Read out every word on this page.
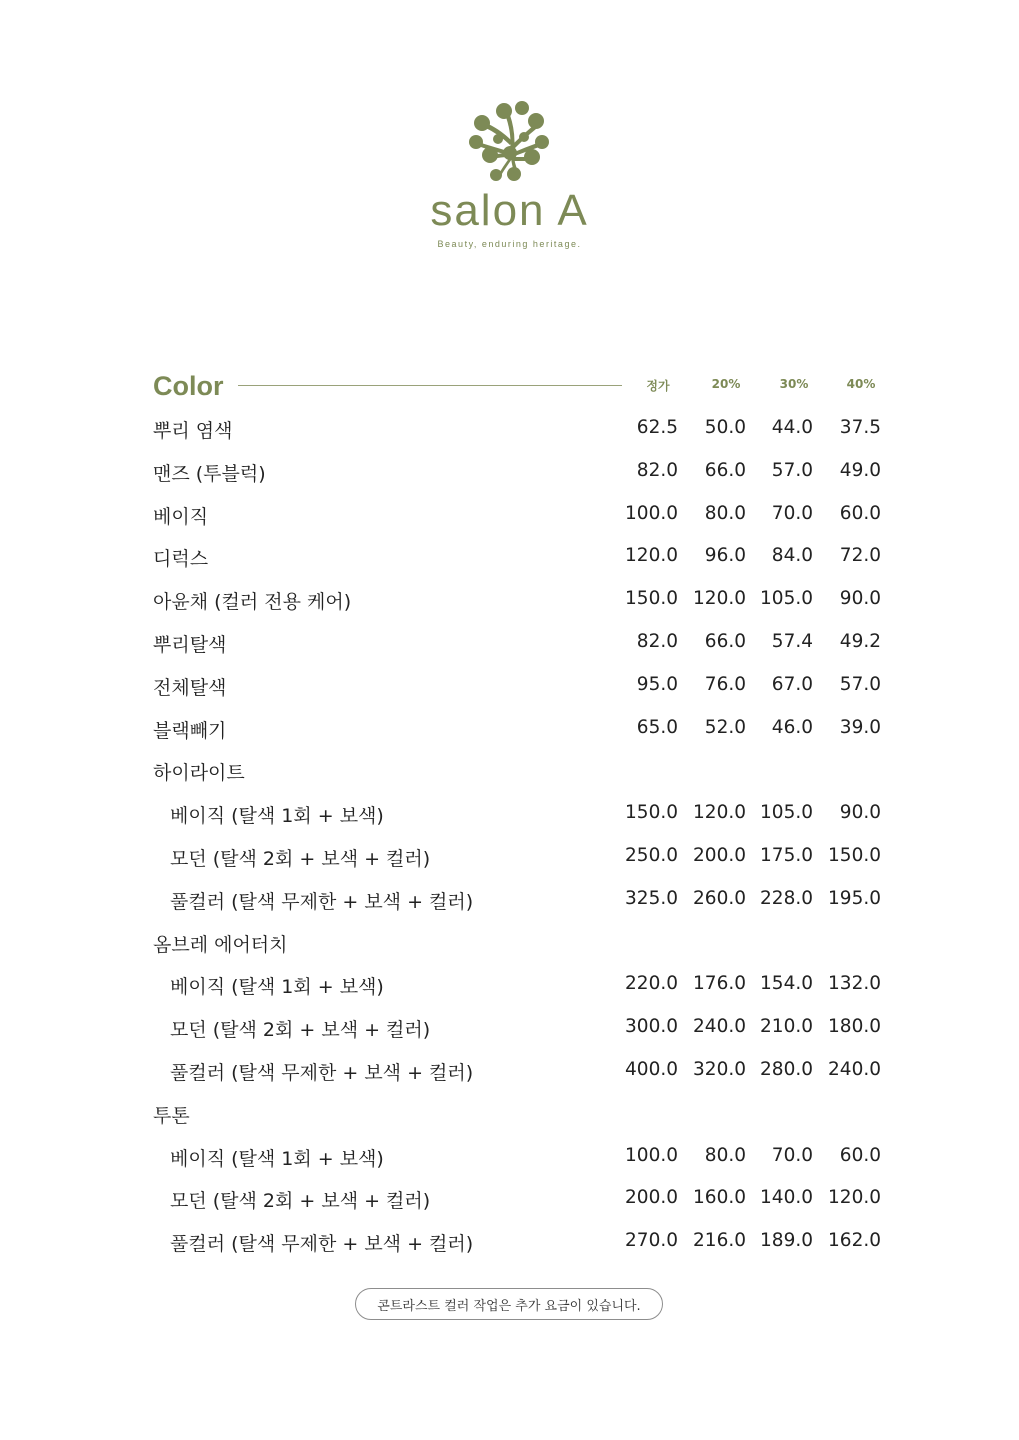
salon A
Beauty, enduring heritage.
Color	정가	20%	30%	40%
뿌리 염색	62.5	50.0	44.0	37.5
맨즈 (투블럭)	82.0	66.0	57.0	49.0
베이직	100.0	80.0	70.0	60.0
디럭스	120.0	96.0	84.0	72.0
아윤채 (컬러 전용 케어)	150.0 120.0 105.0	90.0
뿌리탈색	82.0	66.0	57.4	49.2
전체탈색	95.0	76.0	67.0	57.0
블랙빼기	65.0	52.0	46.0	39.0
하이라이트
베이직 (탈색 1회 + 보색)	150.0 120.0 105.0	90.0
모던 (탈색 2회 + 보색 + 컬러)	250.0 200.0 175.0 150.0
풀컬러 (탈색 무제한 + 보색 + 컬러)	325.0 260.0 228.0 195.0
옴브레 에어터치
베이직 (탈색 1회 + 보색)	220.0 176.0 154.0 132.0
모던 (탈색 2회 + 보색 + 컬러)	300.0 240.0 210.0 180.0
풀컬러 (탈색 무제한 + 보색 + 컬러)	400.0 320.0 280.0 240.0
투톤
베이직 (탈색 1회 + 보색)	100.0	80.0	70.0	60.0
모던 (탈색 2회 + 보색 + 컬러)	200.0 160.0 140.0 120.0
풀컬러 (탈색 무제한 + 보색 + 컬러)	270.0 216.0 189.0 162.0
콘트라스트 컬러 작업은 추가 요금이 있습니다.
